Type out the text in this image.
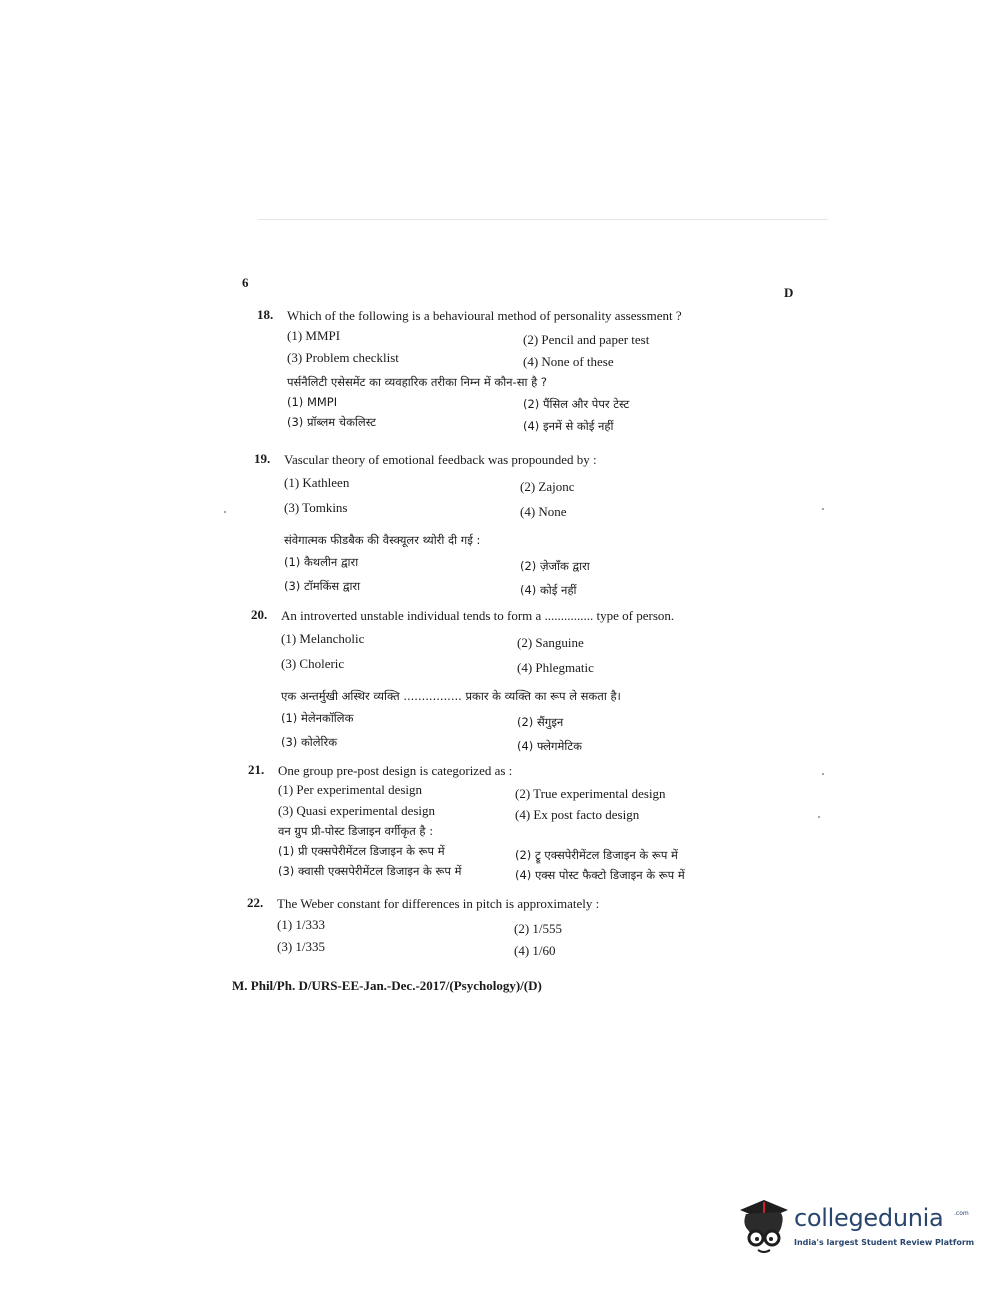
6
D
18. Which of the following is a behavioural method of personality assessment ?
(1) MMPI	(2) Pencil and paper test
(3) Problem checklist	(4) None of these
पर्सनैलिटी एसेसमेंट का व्यवहारिक तरीका निम्न में कौन-सा है ?
(1) MMPI	(2) पैंसिल और पेपर टेस्ट
(3) प्रॉब्लम चेकलिस्ट	(4) इनमें से कोई नहीं
19. Vascular theory of emotional feedback was propounded by :
(1) Kathleen	(2) Zajonc
(3) Tomkins	(4) None
संवेगात्मक फीडबैक की वैस्क्यूलर थ्योरी दी गई :
(1) कैथलीन द्वारा	(2) ज़ेजॉंक द्वारा
(3) टॉमकिंस द्वारा	(4) कोई नहीं
20. An introverted unstable individual tends to form a ............... type of person.
(1) Melancholic	(2) Sanguine
(3) Choleric	(4) Phlegmatic
एक अन्तर्मुखी अस्थिर व्यक्ति ................ प्रकार के व्यक्ति का रूप ले सकता है।
(1) मेलेनकॉलिक	(2) सैंगुइन
(3) कोलेरिक	(4) फ्लेगमेटिक
21. One group pre-post design is categorized as :
(1) Per experimental design	(2) True experimental design
(3) Quasi experimental design	(4) Ex post facto design
वन ग्रुप प्री-पोस्ट डिजाइन वर्गीकृत है :
(1) प्री एक्सपेरीमेंटल डिजाइन के रूप में	(2) ट्रू एक्सपेरीमेंटल डिजाइन के रूप में
(3) क्वासी एक्सपेरीमेंटल डिजाइन के रूप में	(4) एक्स पोस्ट फैक्टो डिजाइन के रूप में
22. The Weber constant for differences in pitch is approximately :
(1) 1/333	(2) 1/555
(3) 1/335	(4) 1/60
M. Phil/Ph. D/URS-EE-Jan.-Dec.-2017/(Psychology)/(D)
collegedunia .com
India's largest Student Review Platform
